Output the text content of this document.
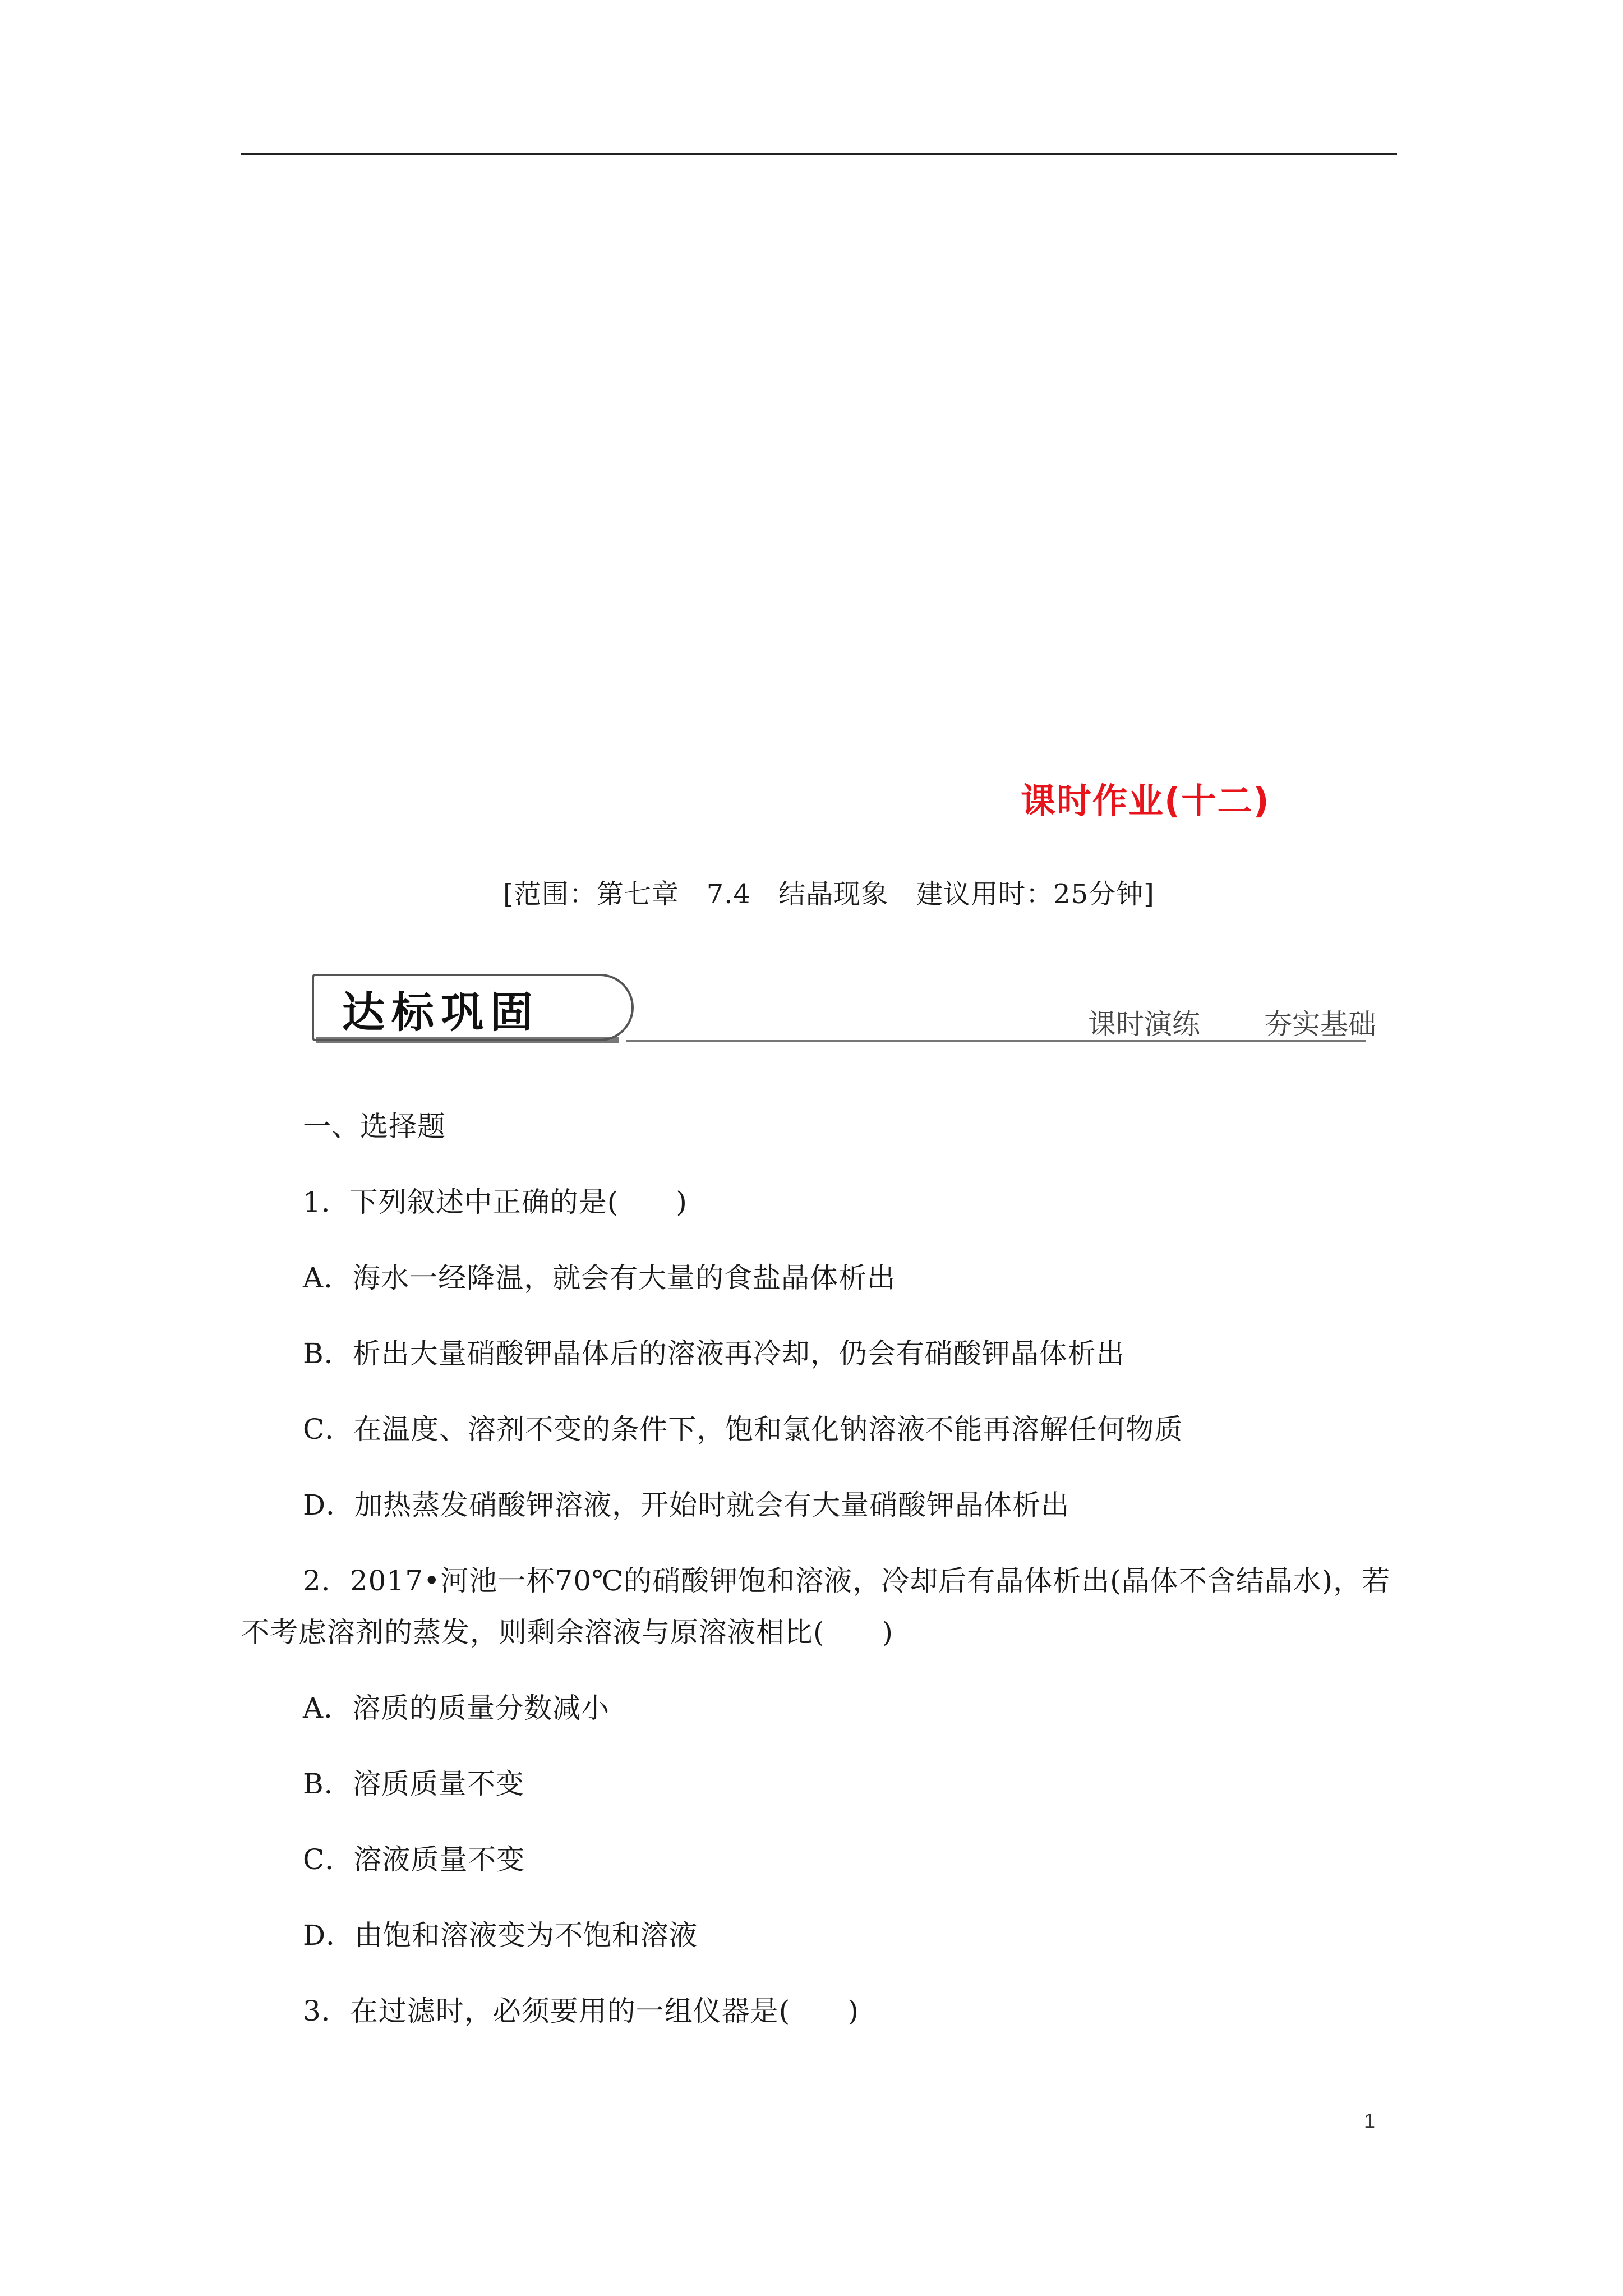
课时作业(十二)
[范围：第七章　7.4　结晶现象　建议用时：25分钟]
达标巩固	课时演练 夯实基础
一、选择题
1．下列叙述中正确的是(　　)
A．海水一经降温，就会有大量的食盐晶体析出
B．析出大量硝酸钾晶体后的溶液再冷却，仍会有硝酸钾晶体析出
C．在温度、溶剂不变的条件下，饱和氯化钠溶液不能再溶解任何物质
D．加热蒸发硝酸钾溶液，开始时就会有大量硝酸钾晶体析出
2．2017•河池一杯70℃的硝酸钾饱和溶液，冷却后有晶体析出(晶体不含结晶水)，若
不考虑溶剂的蒸发，则剩余溶液与原溶液相比(　　)
A．溶质的质量分数减小
B．溶质质量不变
C．溶液质量不变
D．由饱和溶液变为不饱和溶液
3．在过滤时，必须要用的一组仪器是(　　)
1
